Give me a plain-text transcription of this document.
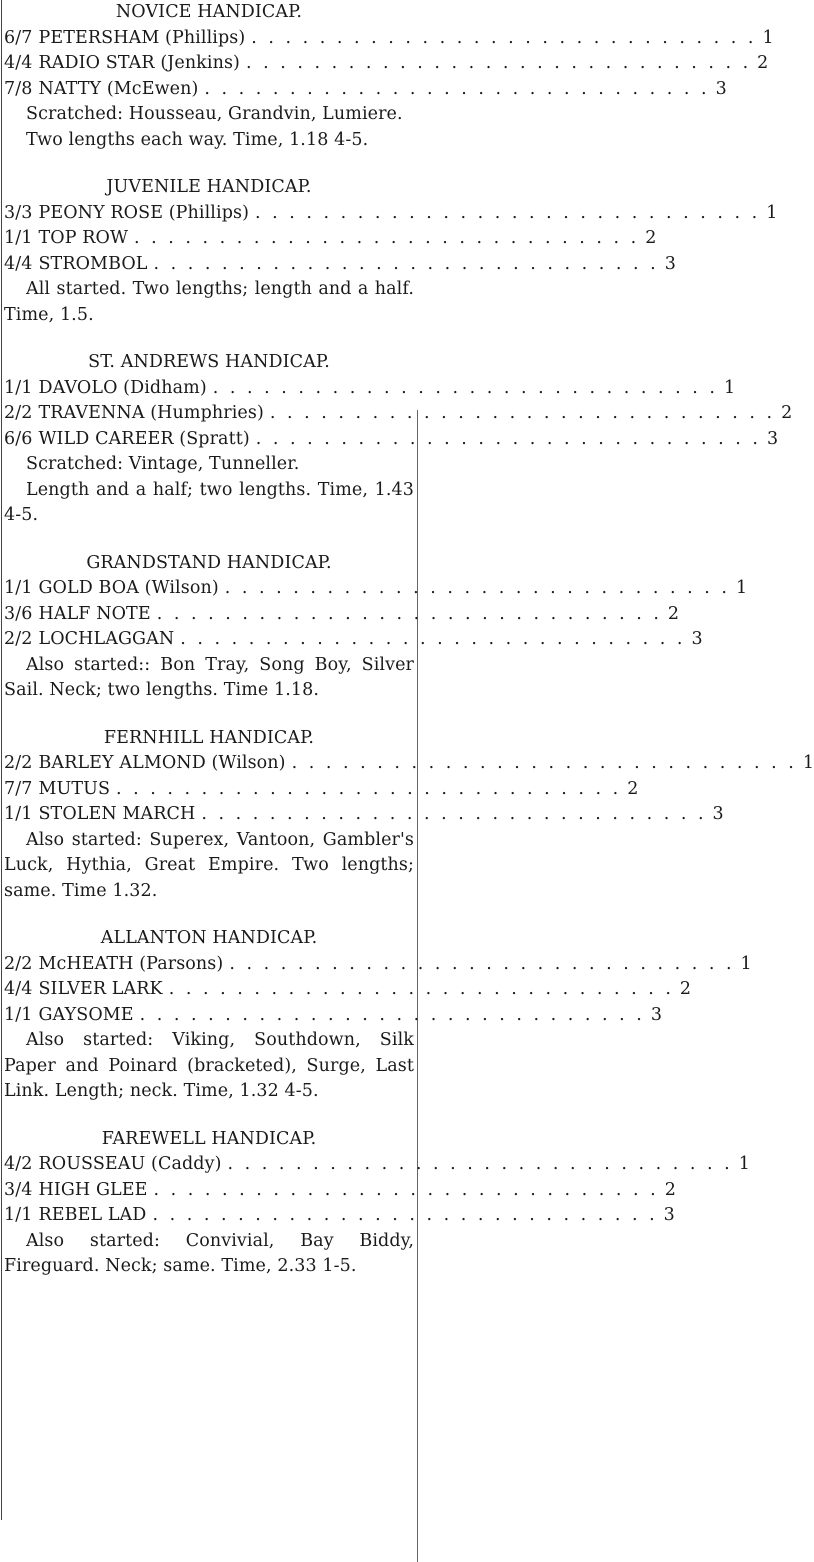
NOVICE HANDICAP.
6/7 PETERSHAM (Phillips) . . . . . . . . . . . . . . . . . . . . . . . . . . . . . . 1
4/4 RADIO STAR (Jenkins) . . . . . . . . . . . . . . . . . . . . . . . . . . . . . . 2
7/8 NATTY (McEwen) . . . . . . . . . . . . . . . . . . . . . . . . . . . . . . 3

Scratched: Housseau, Grandvin, Lumiere.

Two lengths each way. Time, 1.18 4-5.

JUVENILE HANDICAP.
3/3 PEONY ROSE (Phillips) . . . . . . . . . . . . . . . . . . . . . . . . . . . . . . 1
1/1 TOP ROW . . . . . . . . . . . . . . . . . . . . . . . . . . . . . . 2
4/4 STROMBOL . . . . . . . . . . . . . . . . . . . . . . . . . . . . . . 3

All started. Two lengths; length and a half. Time, 1.5.

ST. ANDREWS HANDICAP.
1/1 DAVOLO (Didham) . . . . . . . . . . . . . . . . . . . . . . . . . . . . . . 1
2/2 TRAVENNA (Humphries) . . . . . . . . . . . . . . . . . . . . . . . . . . . . . . 2
6/6 WILD CAREER (Spratt) . . . . . . . . . . . . . . . . . . . . . . . . . . . . . . 3

Scratched: Vintage, Tunneller.

Length and a half; two lengths. Time, 1.43 4-5.

GRANDSTAND HANDICAP.
1/1 GOLD BOA (Wilson) . . . . . . . . . . . . . . . . . . . . . . . . . . . . . . 1
3/6 HALF NOTE . . . . . . . . . . . . . . . . . . . . . . . . . . . . . . 2
2/2 LOCHLAGGAN . . . . . . . . . . . . . . . . . . . . . . . . . . . . . . 3

Also started:: Bon Tray, Song Boy, Silver Sail. Neck; two lengths. Time 1.18.

FERNHILL HANDICAP.
2/2 BARLEY ALMOND (Wilson) . . . . . . . . . . . . . . . . . . . . . . . . . . . . . . 1
7/7 MUTUS . . . . . . . . . . . . . . . . . . . . . . . . . . . . . . 2
1/1 STOLEN MARCH . . . . . . . . . . . . . . . . . . . . . . . . . . . . . . 3

Also started: Superex, Vantoon, Gambler's Luck, Hythia, Great Empire. Two lengths; same. Time 1.32.

ALLANTON HANDICAP.
2/2 McHEATH (Parsons) . . . . . . . . . . . . . . . . . . . . . . . . . . . . . . 1
4/4 SILVER LARK . . . . . . . . . . . . . . . . . . . . . . . . . . . . . . 2
1/1 GAYSOME . . . . . . . . . . . . . . . . . . . . . . . . . . . . . . 3

Also started: Viking, Southdown, Silk Paper and Poinard (bracketed), Surge, Last Link. Length; neck. Time, 1.32 4-5.

FAREWELL HANDICAP.
4/2 ROUSSEAU (Caddy) . . . . . . . . . . . . . . . . . . . . . . . . . . . . . . 1
3/4 HIGH GLEE . . . . . . . . . . . . . . . . . . . . . . . . . . . . . . 2
1/1 REBEL LAD . . . . . . . . . . . . . . . . . . . . . . . . . . . . . . 3

Also started: Convivial, Bay Biddy, Fireguard. Neck; same. Time, 2.33 1-5.
